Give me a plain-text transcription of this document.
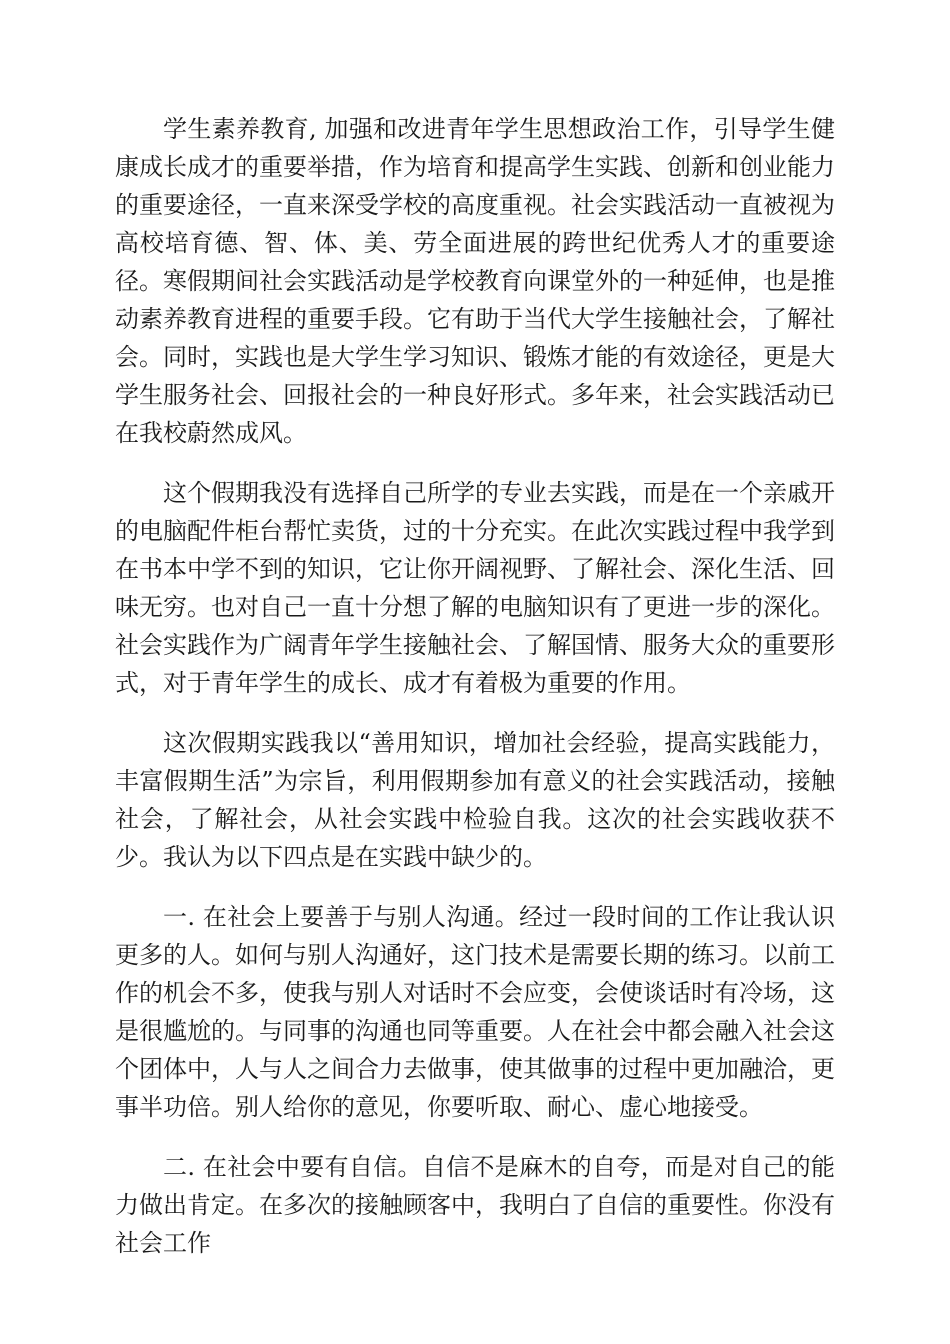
学生素养教育, 加强和改进青年学生思想政治工作，引导学生健康成长成才的重要举措，作为培育和提高学生实践、创新和创业能力的重要途径，一直来深受学校的高度重视。社会实践活动一直被视为高校培育德、智、体、美、劳全面进展的跨世纪优秀人才的重要途径。寒假期间社会实践活动是学校教育向课堂外的一种延伸，也是推动素养教育进程的重要手段。它有助于当代大学生接触社会，了解社会。同时，实践也是大学生学习知识、锻炼才能的有效途径，更是大学生服务社会、回报社会的一种良好形式。多年来，社会实践活动已在我校蔚然成风。

这个假期我没有选择自己所学的专业去实践，而是在一个亲戚开的电脑配件柜台帮忙卖货，过的十分充实。在此次实践过程中我学到在书本中学不到的知识，它让你开阔视野、了解社会、深化生活、回味无穷。也对自己一直十分想了解的电脑知识有了更进一步的深化。社会实践作为广阔青年学生接触社会、了解国情、服务大众的重要形式，对于青年学生的成长、成才有着极为重要的作用。

这次假期实践我以“善用知识，增加社会经验，提高实践能力，丰富假期生活”为宗旨，利用假期参加有意义的社会实践活动，接触社会，了解社会，从社会实践中检验自我。这次的社会实践收获不少。我认为以下四点是在实践中缺少的。

一. 在社会上要善于与别人沟通。经过一段时间的工作让我认识更多的人。如何与别人沟通好，这门技术是需要长期的练习。以前工作的机会不多，使我与别人对话时不会应变，会使谈话时有冷场，这是很尴尬的。与同事的沟通也同等重要。人在社会中都会融入社会这个团体中，人与人之间合力去做事，使其做事的过程中更加融洽，更事半功倍。别人给你的意见，你要听取、耐心、虚心地接受。

二. 在社会中要有自信。自信不是麻木的自夸，而是对自己的能力做出肯定。在多次的接触顾客中，我明白了自信的重要性。你没有社会工作
